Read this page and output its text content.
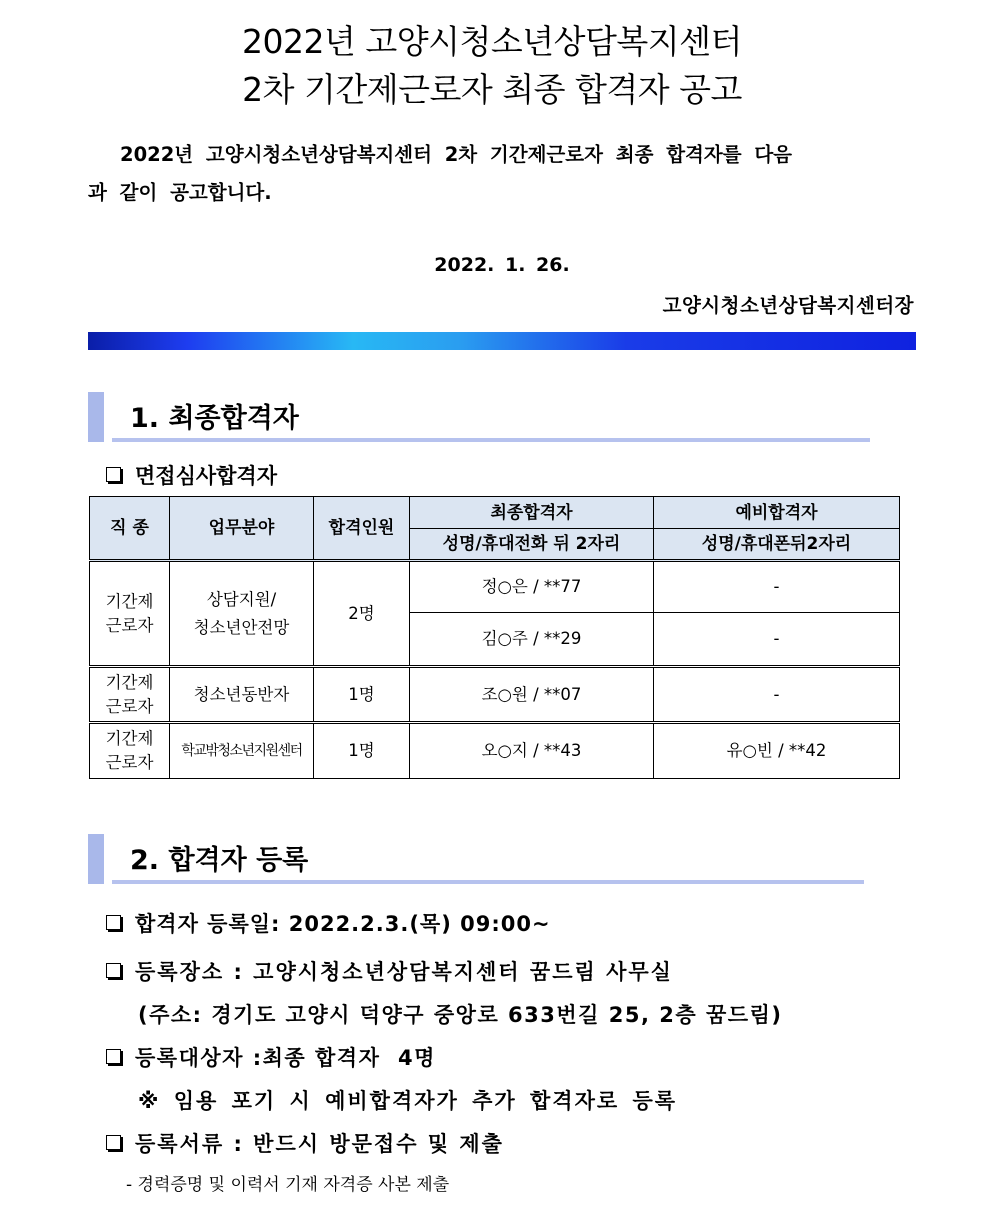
2022년 고양시청소년상담복지센터
2차 기간제근로자 최종 합격자 공고
2022년 고양시청소년상담복지센터 2차 기간제근로자 최종 합격자를 다음
과 같이 공고합니다.
2022. 1. 26.
고양시청소년상담복지센터장
1. 최종합격자
면접심사합격자
직 종	업무분야	합격인원	최종합격자	예비합격자
			성명/휴대전화 뒤 2자리	성명/휴대폰뒤2자리
기간제
근로자	상담지원/
청소년안전망	2명	정○은 / **77	-
			김○주 / **29	-
기간제
근로자	청소년동반자	1명	조○원 / **07	-
기간제
근로자	학교밖청소년지원센터	1명	오○지 / **43	유○빈 / **42
2. 합격자 등록
합격자 등록일: 2022.2.3.(목) 09:00~
등록장소 : 고양시청소년상담복지센터 꿈드림 사무실
(주소: 경기도 고양시 덕양구 중앙로 633번길 25, 2층 꿈드림)
등록대상자 :최종 합격자  4명
※ 임용 포기 시 예비합격자가 추가 합격자로 등록
등록서류 : 반드시 방문접수 및 제출
- 경력증명 및 이력서 기재 자격증 사본 제출
